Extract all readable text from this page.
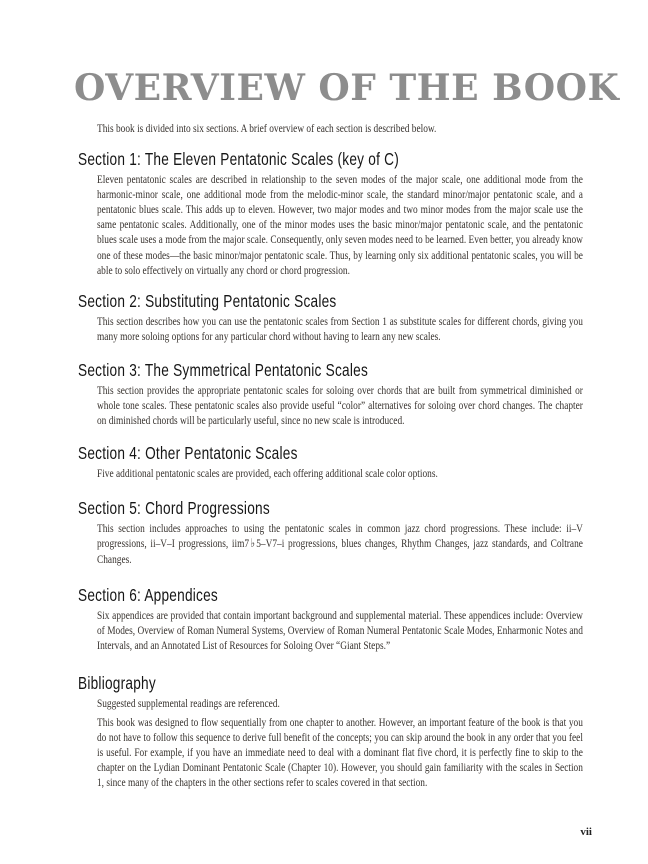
OVERVIEW OF THE BOOK

This book is divided into six sections. A brief overview of each section is described below.

Section 1: The Eleven Pentatonic Scales (key of C)

Eleven pentatonic scales are described in relationship to the seven modes of the major scale, one additional mode from the harmonic-minor scale, one additional mode from the melodic-minor scale, the standard minor/major pentatonic scale, and a pentatonic blues scale. This adds up to eleven. However, two major modes and two minor modes from the major scale use the same pentatonic scales. Additionally, one of the minor modes uses the basic minor/major pentatonic scale, and the pentatonic blues scale uses a mode from the major scale. Consequently, only seven modes need to be learned. Even better, you already know one of these modes—the basic minor/major pentatonic scale. Thus, by learning only six additional pentatonic scales, you will be able to solo effectively on virtually any chord or chord progression.

Section 2: Substituting Pentatonic Scales

This section describes how you can use the pentatonic scales from Section 1 as substitute scales for different chords, giving you many more soloing options for any particular chord without having to learn any new scales.

Section 3: The Symmetrical Pentatonic Scales

This section provides the appropriate pentatonic scales for soloing over chords that are built from symmetrical diminished or whole tone scales. These pentatonic scales also provide useful “color” alternatives for soloing over chord changes. The chapter on diminished chords will be particularly useful, since no new scale is introduced.

Section 4: Other Pentatonic Scales

Five additional pentatonic scales are provided, each offering additional scale color options.

Section 5: Chord Progressions

This section includes approaches to using the pentatonic scales in common jazz chord progressions. These include: ii–V progressions, ii–V–I progressions, iim7♭5–V7–i progressions, blues changes, Rhythm Changes, jazz standards, and Coltrane Changes.

Section 6: Appendices

Six appendices are provided that contain important background and supplemental material. These appendices include: Overview of Modes, Overview of Roman Numeral Systems, Overview of Roman Numeral Pentatonic Scale Modes, Enharmonic Notes and Intervals, and an Annotated List of Resources for Soloing Over “Giant Steps.”

Bibliography

Suggested supplemental readings are referenced.

This book was designed to flow sequentially from one chapter to another. However, an important feature of the book is that you do not have to follow this sequence to derive full benefit of the concepts; you can skip around the book in any order that you feel is useful. For example, if you have an immediate need to deal with a dominant flat five chord, it is perfectly fine to skip to the chapter on the Lydian Dominant Pentatonic Scale (Chapter 10). However, you should gain familiarity with the scales in Section 1, since many of the chapters in the other sections refer to scales covered in that section.

vii
